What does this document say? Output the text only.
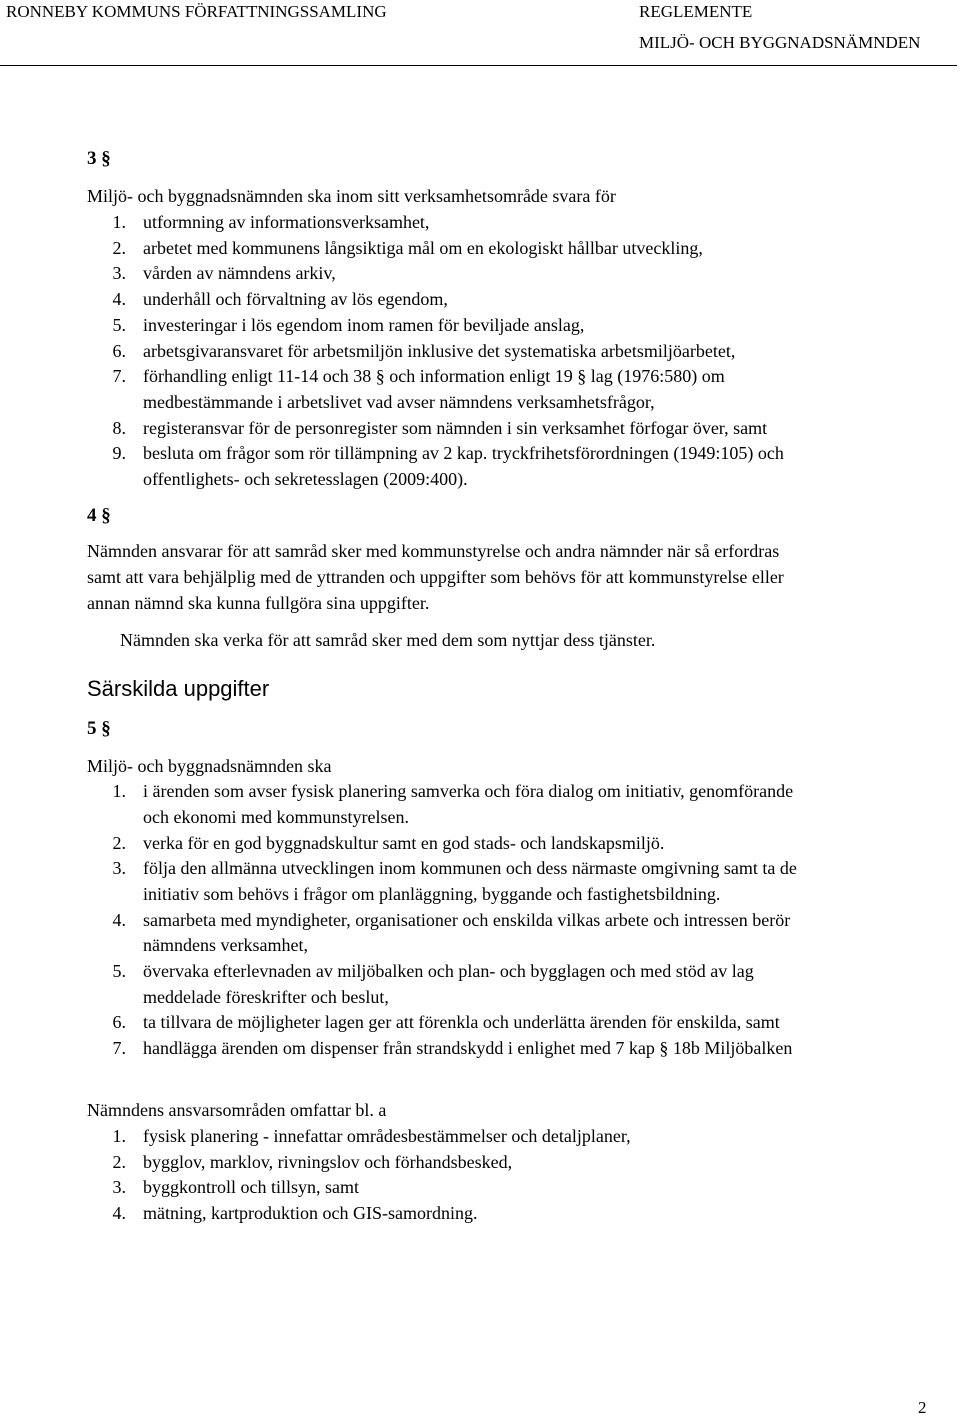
RONNEBY KOMMUNS FÖRFATTNINGSSAMLING	REGLEMENTE
MILJÖ- OCH BYGGNADSNÄMNDEN
3 §
Miljö- och byggnadsnämnden ska inom sitt verksamhetsområde svara för
1. utformning av informationsverksamhet,
2. arbetet med kommunens långsiktiga mål om en ekologiskt hållbar utveckling,
3. vården av nämndens arkiv,
4. underhåll och förvaltning av lös egendom,
5. investeringar i lös egendom inom ramen för beviljade anslag,
6. arbetsgivaransvaret för arbetsmiljön inklusive det systematiska arbetsmiljöarbetet,
7. förhandling enligt 11-14 och 38 § och information enligt 19 § lag (1976:580) om
medbestämmande i arbetslivet vad avser nämndens verksamhetsfrågor,
8. registeransvar för de personregister som nämnden i sin verksamhet förfogar över, samt
9. besluta om frågor som rör tillämpning av 2 kap. tryckfrihetsförordningen (1949:105) och
offentlighets- och sekretesslagen (2009:400).
4 §
Nämnden ansvarar för att samråd sker med kommunstyrelse och andra nämnder när så erfordras
samt att vara behjälplig med de yttranden och uppgifter som behövs för att kommunstyrelse eller
annan nämnd ska kunna fullgöra sina uppgifter.
Nämnden ska verka för att samråd sker med dem som nyttjar dess tjänster.
Särskilda uppgifter
5 §
Miljö- och byggnadsnämnden ska
1. i ärenden som avser fysisk planering samverka och föra dialog om initiativ, genomförande
och ekonomi med kommunstyrelsen.
2. verka för en god byggnadskultur samt en god stads- och landskapsmiljö.
3. följa den allmänna utvecklingen inom kommunen och dess närmaste omgivning samt ta de
initiativ som behövs i frågor om planläggning, byggande och fastighetsbildning.
4. samarbeta med myndigheter, organisationer och enskilda vilkas arbete och intressen berör
nämndens verksamhet,
5. övervaka efterlevnaden av miljöbalken och plan- och bygglagen och med stöd av lag
meddelade föreskrifter och beslut,
6. ta tillvara de möjligheter lagen ger att förenkla och underlätta ärenden för enskilda, samt
7. handlägga ärenden om dispenser från strandskydd i enlighet med 7 kap § 18b Miljöbalken
Nämndens ansvarsområden omfattar bl. a
1. fysisk planering - innefattar områdesbestämmelser och detaljplaner,
2. bygglov, marklov, rivningslov och förhandsbesked,
3. byggkontroll och tillsyn, samt
4. mätning, kartproduktion och GIS-samordning.
2
